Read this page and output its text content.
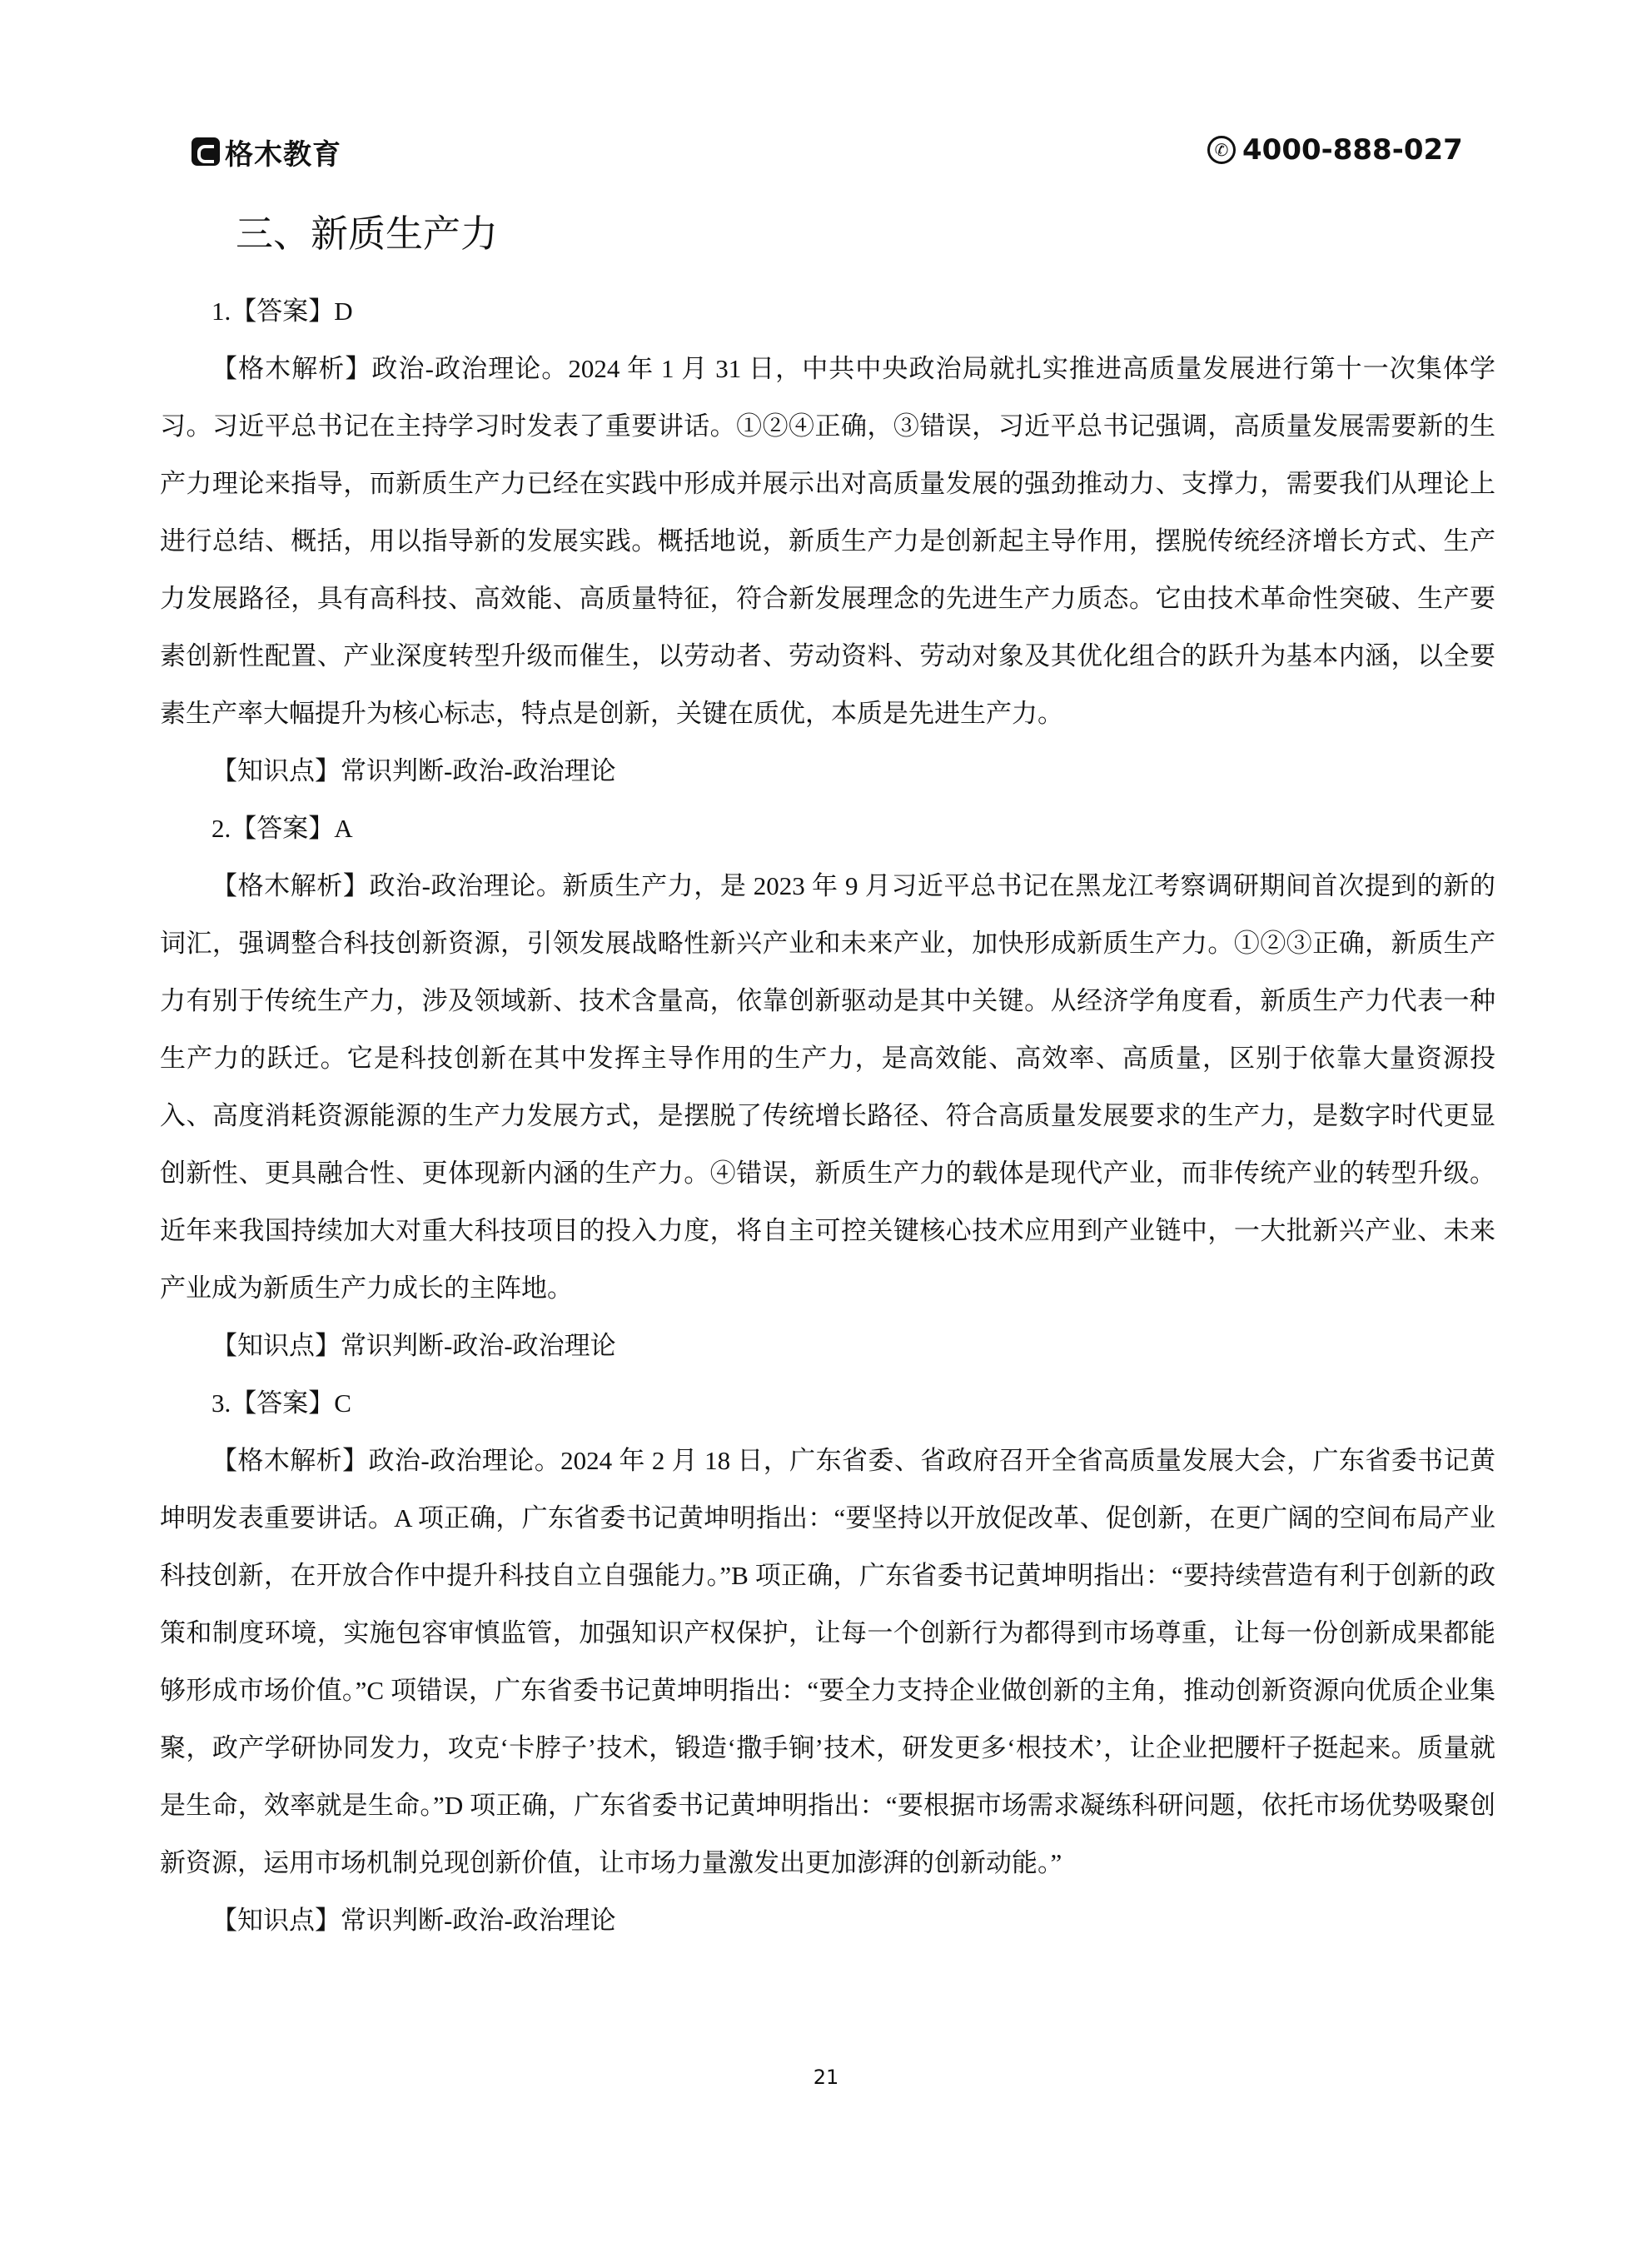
格木教育	✆ 4000-888-027
三、新质生产力

1.【答案】D

【格木解析】政治-政治理论。2024 年 1 月 31 日，中共中央政治局就扎实推进高质量发展进行第十一次集体学习。习近平总书记在主持学习时发表了重要讲话。①②④正确，③错误，习近平总书记强调，高质量发展需要新的生产力理论来指导，而新质生产力已经在实践中形成并展示出对高质量发展的强劲推动力、支撑力，需要我们从理论上进行总结、概括，用以指导新的发展实践。概括地说，新质生产力是创新起主导作用，摆脱传统经济增长方式、生产力发展路径，具有高科技、高效能、高质量特征，符合新发展理念的先进生产力质态。它由技术革命性突破、生产要素创新性配置、产业深度转型升级而催生，以劳动者、劳动资料、劳动对象及其优化组合的跃升为基本内涵，以全要素生产率大幅提升为核心标志，特点是创新，关键在质优，本质是先进生产力。

【知识点】常识判断-政治-政治理论

2.【答案】A

【格木解析】政治-政治理论。新质生产力，是 2023 年 9 月习近平总书记在黑龙江考察调研期间首次提到的新的词汇，强调整合科技创新资源，引领发展战略性新兴产业和未来产业，加快形成新质生产力。①②③正确，新质生产力有别于传统生产力，涉及领域新、技术含量高，依靠创新驱动是其中关键。从经济学角度看，新质生产力代表一种生产力的跃迁。它是科技创新在其中发挥主导作用的生产力，是高效能、高效率、高质量，区别于依靠大量资源投入、高度消耗资源能源的生产力发展方式，是摆脱了传统增长路径、符合高质量发展要求的生产力，是数字时代更显创新性、更具融合性、更体现新内涵的生产力。④错误，新质生产力的载体是现代产业，而非传统产业的转型升级。近年来我国持续加大对重大科技项目的投入力度，将自主可控关键核心技术应用到产业链中，一大批新兴产业、未来产业成为新质生产力成长的主阵地。

【知识点】常识判断-政治-政治理论

3.【答案】C

【格木解析】政治-政治理论。2024 年 2 月 18 日，广东省委、省政府召开全省高质量发展大会，广东省委书记黄坤明发表重要讲话。A 项正确，广东省委书记黄坤明指出：“要坚持以开放促改革、促创新，在更广阔的空间布局产业科技创新，在开放合作中提升科技自立自强能力。”B 项正确，广东省委书记黄坤明指出：“要持续营造有利于创新的政策和制度环境，实施包容审慎监管，加强知识产权保护，让每一个创新行为都得到市场尊重，让每一份创新成果都能够形成市场价值。”C 项错误，广东省委书记黄坤明指出：“要全力支持企业做创新的主角，推动创新资源向优质企业集聚，政产学研协同发力，攻克‘卡脖子’技术，锻造‘撒手锏’技术，研发更多‘根技术’，让企业把腰杆子挺起来。质量就是生命，效率就是生命。”D 项正确，广东省委书记黄坤明指出：“要根据市场需求凝练科研问题，依托市场优势吸聚创新资源，运用市场机制兑现创新价值，让市场力量激发出更加澎湃的创新动能。”

【知识点】常识判断-政治-政治理论

21
